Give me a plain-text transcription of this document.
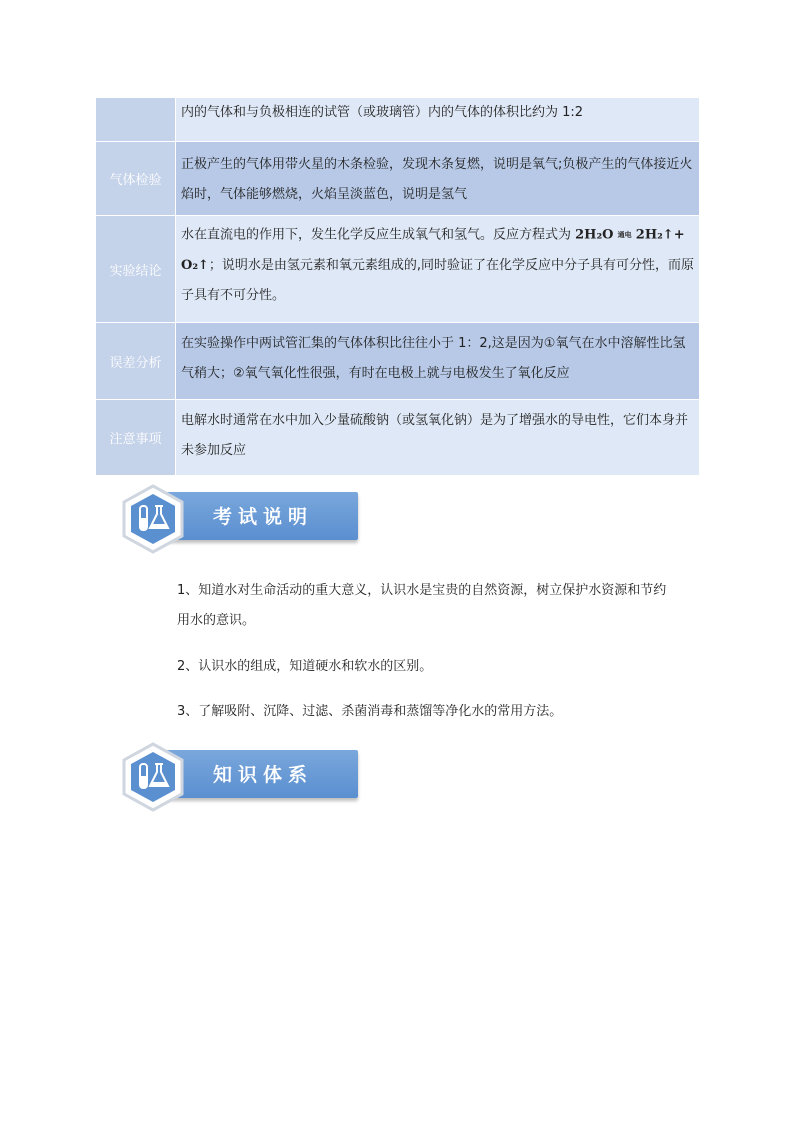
	内的气体和与负极相连的试管（或玻璃管）内的气体的体积比约为 1:2
气体检验	正极产生的气体用带火星的木条检验，发现木条复燃，说明是氧气;负极产生的气体接近火焰时，气体能够燃烧，火焰呈淡蓝色，说明是氢气
实验结论	水在直流电的作用下，发生化学反应生成氧气和氢气。反应方程式为 2H₂O 通电 2H₂↑+ O₂↑；说明水是由氢元素和氧元素组成的,同时验证了在化学反应中分子具有可分性，而原子具有不可分性。
误差分析	在实验操作中两试管汇集的气体体积比往往小于 1：2,这是因为①氧气在水中溶解性比氢气稍大；②氧气氧化性很强，有时在电极上就与电极发生了氧化反应
注意事项	电解水时通常在水中加入少量硫酸钠（或氢氧化钠）是为了增强水的导电性，它们本身并未参加反应
考试说明
1、知道水对生命活动的重大意义，认识水是宝贵的自然资源，树立保护水资源和节约用水的意识。
2、认识水的组成，知道硬水和软水的区别。
3、了解吸附、沉降、过滤、杀菌消毒和蒸馏等净化水的常用方法。
知识体系
